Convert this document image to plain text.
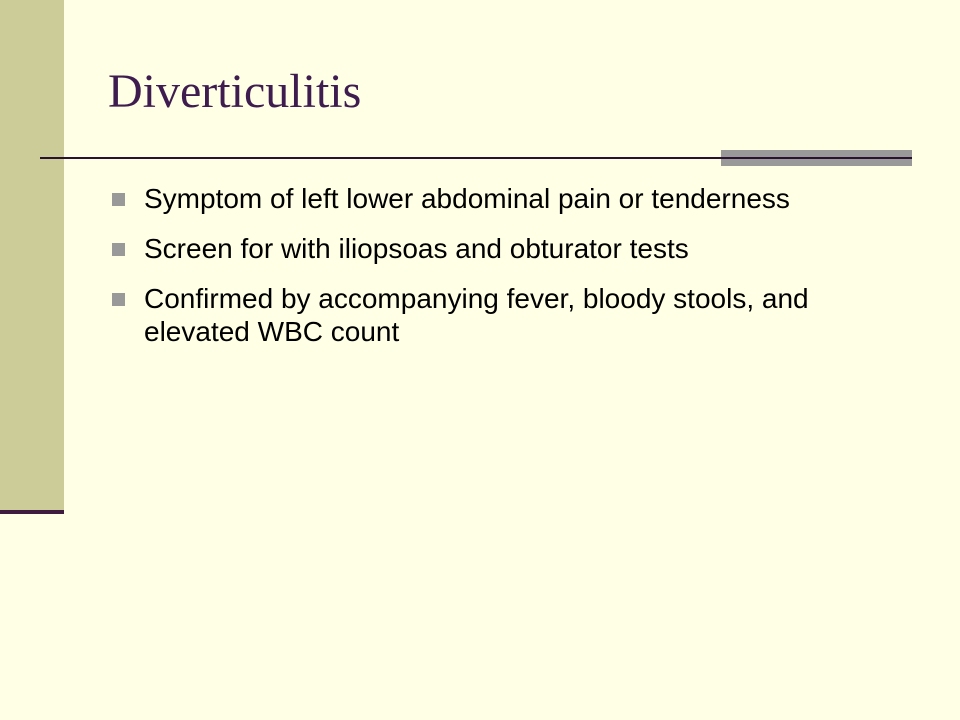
Diverticulitis
Symptom of left lower abdominal pain or tenderness
Screen for with iliopsoas and obturator tests
Confirmed by accompanying fever, bloody stools, and elevated WBC count
